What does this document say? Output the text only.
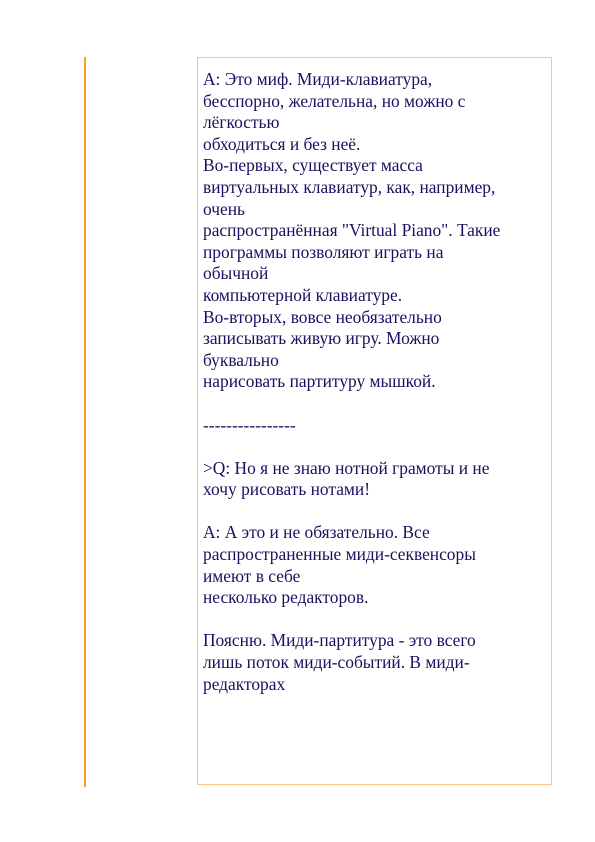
A: Это миф. Миди-клавиатура,
бесспорно, желательна, но можно с
лёгкостью
обходиться и без неё.
Во-первых, существует масса
виртуальных клавиатур, как, например,
очень
распространённая "Virtual Piano". Такие
программы позволяют играть на
обычной
компьютерной клавиатуре.
Во-вторых, вовсе необязательно
записывать живую игру. Можно
буквально
нарисовать партитуру мышкой.
----------------
>Q: Но я не знаю нотной грамоты и не
хочу рисовать нотами!
A: А это и не обязательно. Все
распространенные миди-секвенсоры
имеют в себе
несколько редакторов.
Поясню. Миди-партитура - это всего
лишь поток миди-событий. В миди-
редакторах
